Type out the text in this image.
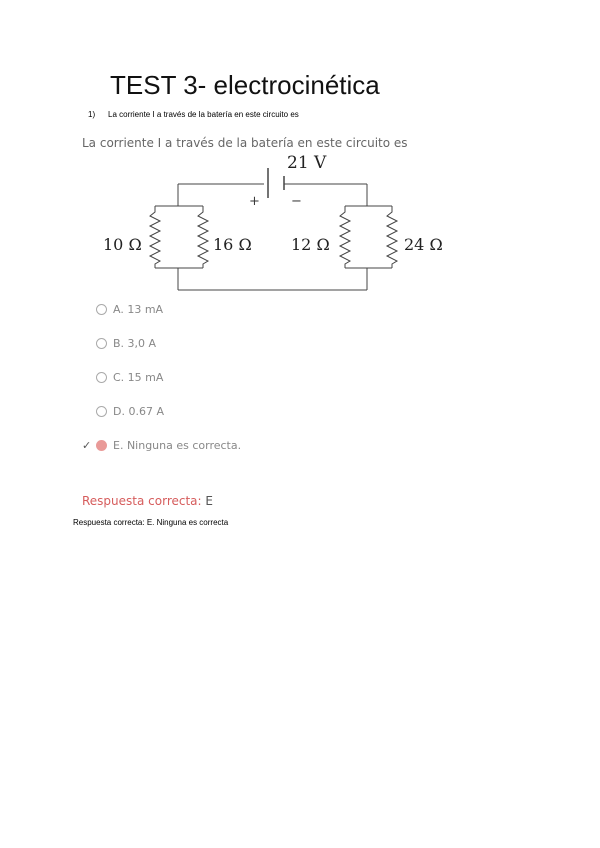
TEST 3- electrocinética
1) La corriente I a través de la batería en este circuito es
La corriente I a través de la batería en este circuito es
21 V
+ −
10 Ω	16 Ω 12 Ω	24 Ω
A. 13 mA
B. 3,0 A
C. 15 mA
D. 0.67 A
✓	E. Ninguna es correcta.
Respuesta correcta: E
Respuesta correcta: E. Ninguna es correcta
